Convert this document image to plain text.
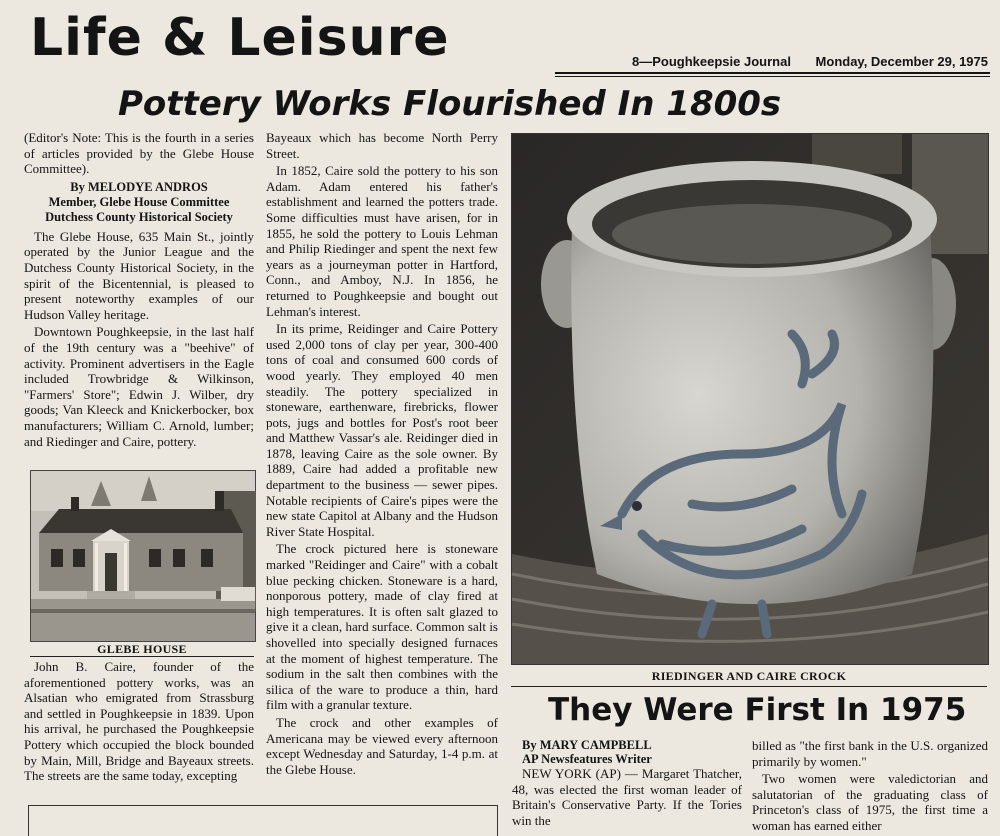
Life & Leisure	8—Poughkeepsie Journal Monday, December 29, 1975
Pottery Works Flourished In 1800s

(Editor's Note: This is the fourth in a series of articles provided by the Glebe House Committee).

By MELODYE ANDROS
Member, Glebe House Committee
Dutchess County Historical Society

The Glebe House, 635 Main St., jointly operated by the Junior League and the Dutchess County Historical Society, in the spirit of the Bicentennial, is pleased to present noteworthy examples of our Hudson Valley heritage.

Downtown Poughkeepsie, in the last half of the 19th century was a "beehive" of activity. Prominent advertisers in the Eagle included Trowbridge & Wilkinson, "Farmers' Store"; Edwin J. Wilber, dry goods; Van Kleeck and Knickerbocker, box manufacturers; William C. Arnold, lumber; and Riedinger and Caire, pottery.

GLEBE HOUSE

John B. Caire, founder of the aforementioned pottery works, was an Alsatian who emigrated from Strassburg and settled in Poughkeepsie in 1839. Upon his arrival, he purchased the Poughkeepsie Pottery which occupied the block bounded by Main, Mill, Bridge and Bayeaux streets. The streets are the same today, excepting

Bayeaux which has become North Perry Street.

In 1852, Caire sold the pottery to his son Adam. Adam entered his father's establishment and learned the potters trade. Some difficulties must have arisen, for in 1855, he sold the pottery to Louis Lehman and Philip Riedinger and spent the next few years as a journeyman potter in Hartford, Conn., and Amboy, N.J. In 1856, he returned to Poughkeepsie and bought out Lehman's interest.

In its prime, Reidinger and Caire Pottery used 2,000 tons of clay per year, 300-400 tons of coal and consumed 600 cords of wood yearly. They employed 40 men steadily. The pottery specialized in stoneware, earthenware, firebricks, flower pots, jugs and bottles for Post's root beer and Matthew Vassar's ale. Reidinger died in 1878, leaving Caire as the sole owner. By 1889, Caire had added a profitable new department to the business — sewer pipes. Notable recipients of Caire's pipes were the new state Capitol at Albany and the Hudson River State Hospital.

The crock pictured here is stoneware marked "Reidinger and Caire" with a cobalt blue pecking chicken. Stoneware is a hard, nonporous pottery, made of clay fired at high temperatures. It is often salt glazed to give it a clean, hard surface. Common salt is shovelled into specially designed furnaces at the moment of highest temperature. The sodium in the salt then combines with the silica of the ware to produce a thin, hard film with a granular texture.

The crock and other examples of Americana may be viewed every afternoon except Wednesday and Saturday, 1-4 p.m. at the Glebe House.

RIEDINGER AND CAIRE CROCK
They Were First In 1975
By MARY CAMPBELL
AP Newsfeatures Writer

NEW YORK (AP) — Margaret Thatcher, 48, was elected the first woman leader of Britain's Conservative Party. If the Tories win the

billed as "the first bank in the U.S. organized primarily by women."

Two women were valedictorian and salutatorian of the graduating class of Princeton's class of 1975, the first time a woman has earned either
